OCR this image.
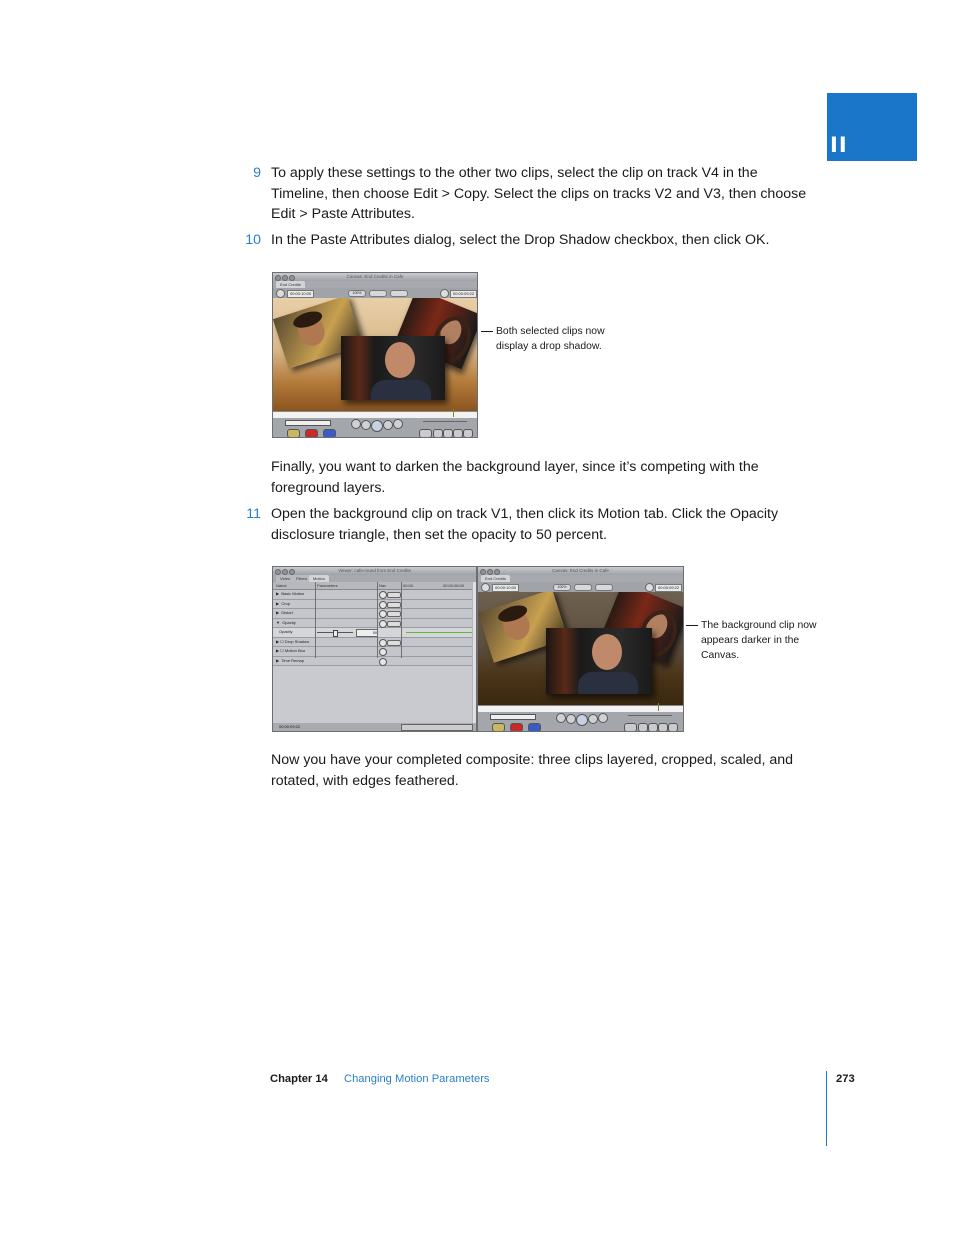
II
9 To apply these settings to the other two clips, select the clip on track V4 in the Timeline, then choose Edit > Copy. Select the clips on tracks V2 and V3, then choose Edit > Paste Attributes.
10 In the Paste Attributes dialog, select the Drop Shadow checkbox, then click OK.
Canvas: End Credits in Cafe
End Credits
00:00:10:00	100%	00:00:09:22
Both selected clips now display a drop shadow.
Finally, you want to darken the background layer, since it’s competing with the foreground layers.
11 Open the background clip on track V1, then click its Motion tab. Click the Opacity disclosure triangle, then set the opacity to 50 percent.
Viewer: cafe-round from End Credits
Video	Filters	Motion
Name	Parameters	Nav	00:00	00:00:06:00
▶  Basic Motion
▶  Crop
▶  Distort
▼  Opacity
Opacity	50
▶ ☐ Drop Shadow
▶ ☐ Motion Blur
▶  Time Remap
00:00:09:22
Canvas: End Credits in Cafe
End Credits
00:00:10:00	100%	00:00:09:22
The background clip now appears darker in the Canvas.
Now you have your completed composite: three clips layered, cropped, scaled, and rotated, with edges feathered.
Chapter 14 Changing Motion Parameters	273
